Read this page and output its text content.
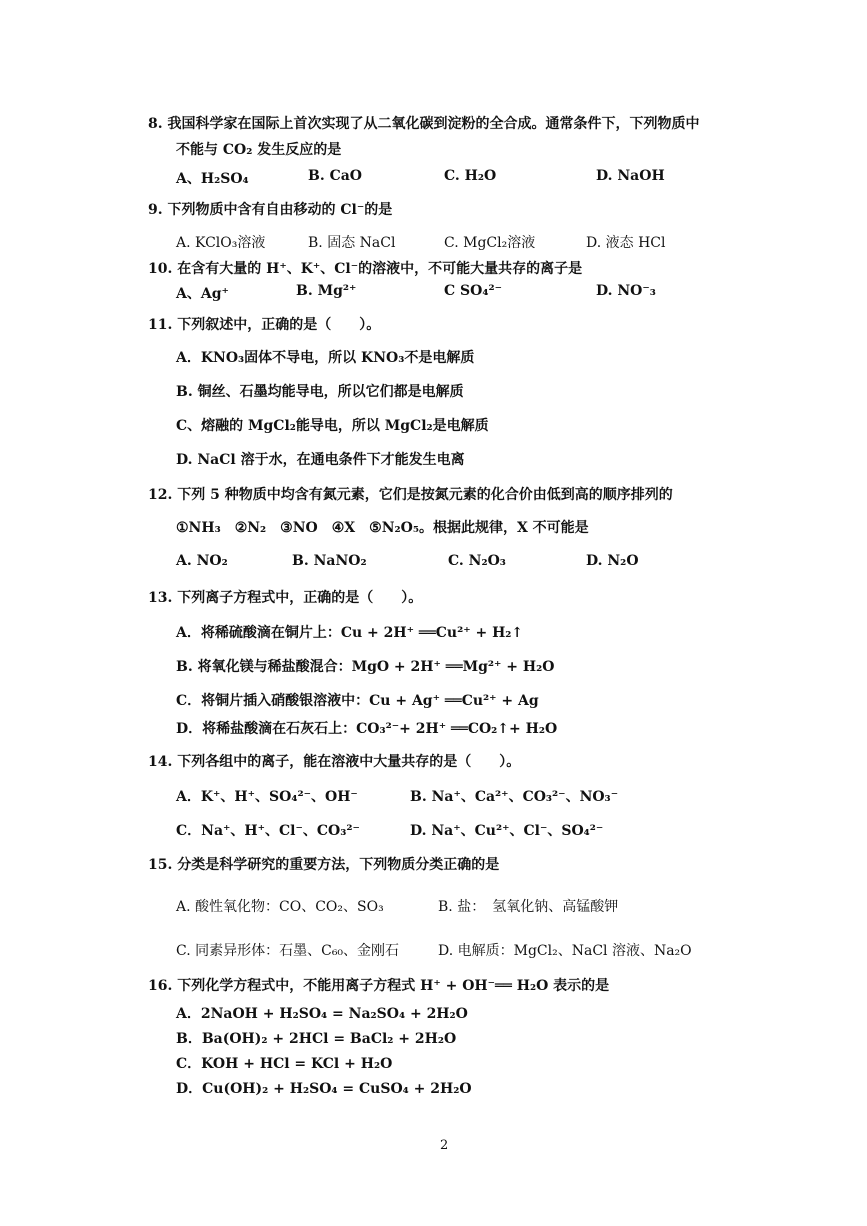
8. 我国科学家在国际上首次实现了从二氧化碳到淀粉的全合成。通常条件下，下列物质中
不能与 CO₂ 发生反应的是
A、H₂SO₄	B. CaO	C. H₂O	D. NaOH
9. 下列物质中含有自由移动的 Cl⁻的是
A. KClO₃溶液	B. 固态 NaCl	C. MgCl₂溶液	D. 液态 HCl
10. 在含有大量的 H⁺、K⁺、Cl⁻的溶液中，不可能大量共存的离子是
A、Ag⁺	B. Mg²⁺	C SO₄²⁻	D. NO⁻₃
11. 下列叙述中，正确的是（　　）。
A．KNO₃固体不导电，所以 KNO₃不是电解质
B. 铜丝、石墨均能导电，所以它们都是电解质
C、熔融的 MgCl₂能导电，所以 MgCl₂是电解质
D. NaCl 溶于水，在通电条件下才能发生电离
12. 下列 5 种物质中均含有氮元素，它们是按氮元素的化合价由低到高的顺序排列的
①NH₃　②N₂　③NO　④X　⑤N₂O₅。根据此规律，X 不可能是
A. NO₂	B. NaNO₂	C. N₂O₃	D. N₂O
13. 下列离子方程式中，正确的是（　　）。
A．将稀硫酸滴在铜片上：Cu + 2H⁺ ══Cu²⁺ + H₂↑
B. 将氧化镁与稀盐酸混合：MgO + 2H⁺ ══Mg²⁺ + H₂O
C．将铜片插入硝酸银溶液中：Cu + Ag⁺ ══Cu²⁺ + Ag
D．将稀盐酸滴在石灰石上：CO₃²⁻+ 2H⁺ ══CO₂↑+ H₂O
14. 下列各组中的离子，能在溶液中大量共存的是（　　）。
A．K⁺、H⁺、SO₄²⁻、OH⁻	B. Na⁺、Ca²⁺、CO₃²⁻、NO₃⁻
C．Na⁺、H⁺、Cl⁻、CO₃²⁻	D. Na⁺、Cu²⁺、Cl⁻、SO₄²⁻
15. 分类是科学研究的重要方法，下列物质分类正确的是
A. 酸性氧化物：CO、CO₂、SO₃	B. 盐：　氢氧化钠、高锰酸钾
C. 同素异形体：石墨、C₆₀、金刚石	D. 电解质：MgCl₂、NaCl 溶液、Na₂O
16. 下列化学方程式中，不能用离子方程式 H⁺ + OH⁻══ H₂O 表示的是
A．2NaOH + H₂SO₄ = Na₂SO₄ + 2H₂O
B．Ba(OH)₂ + 2HCl = BaCl₂ + 2H₂O
C．KOH + HCl = KCl + H₂O
D．Cu(OH)₂ + H₂SO₄ = CuSO₄ + 2H₂O
2
